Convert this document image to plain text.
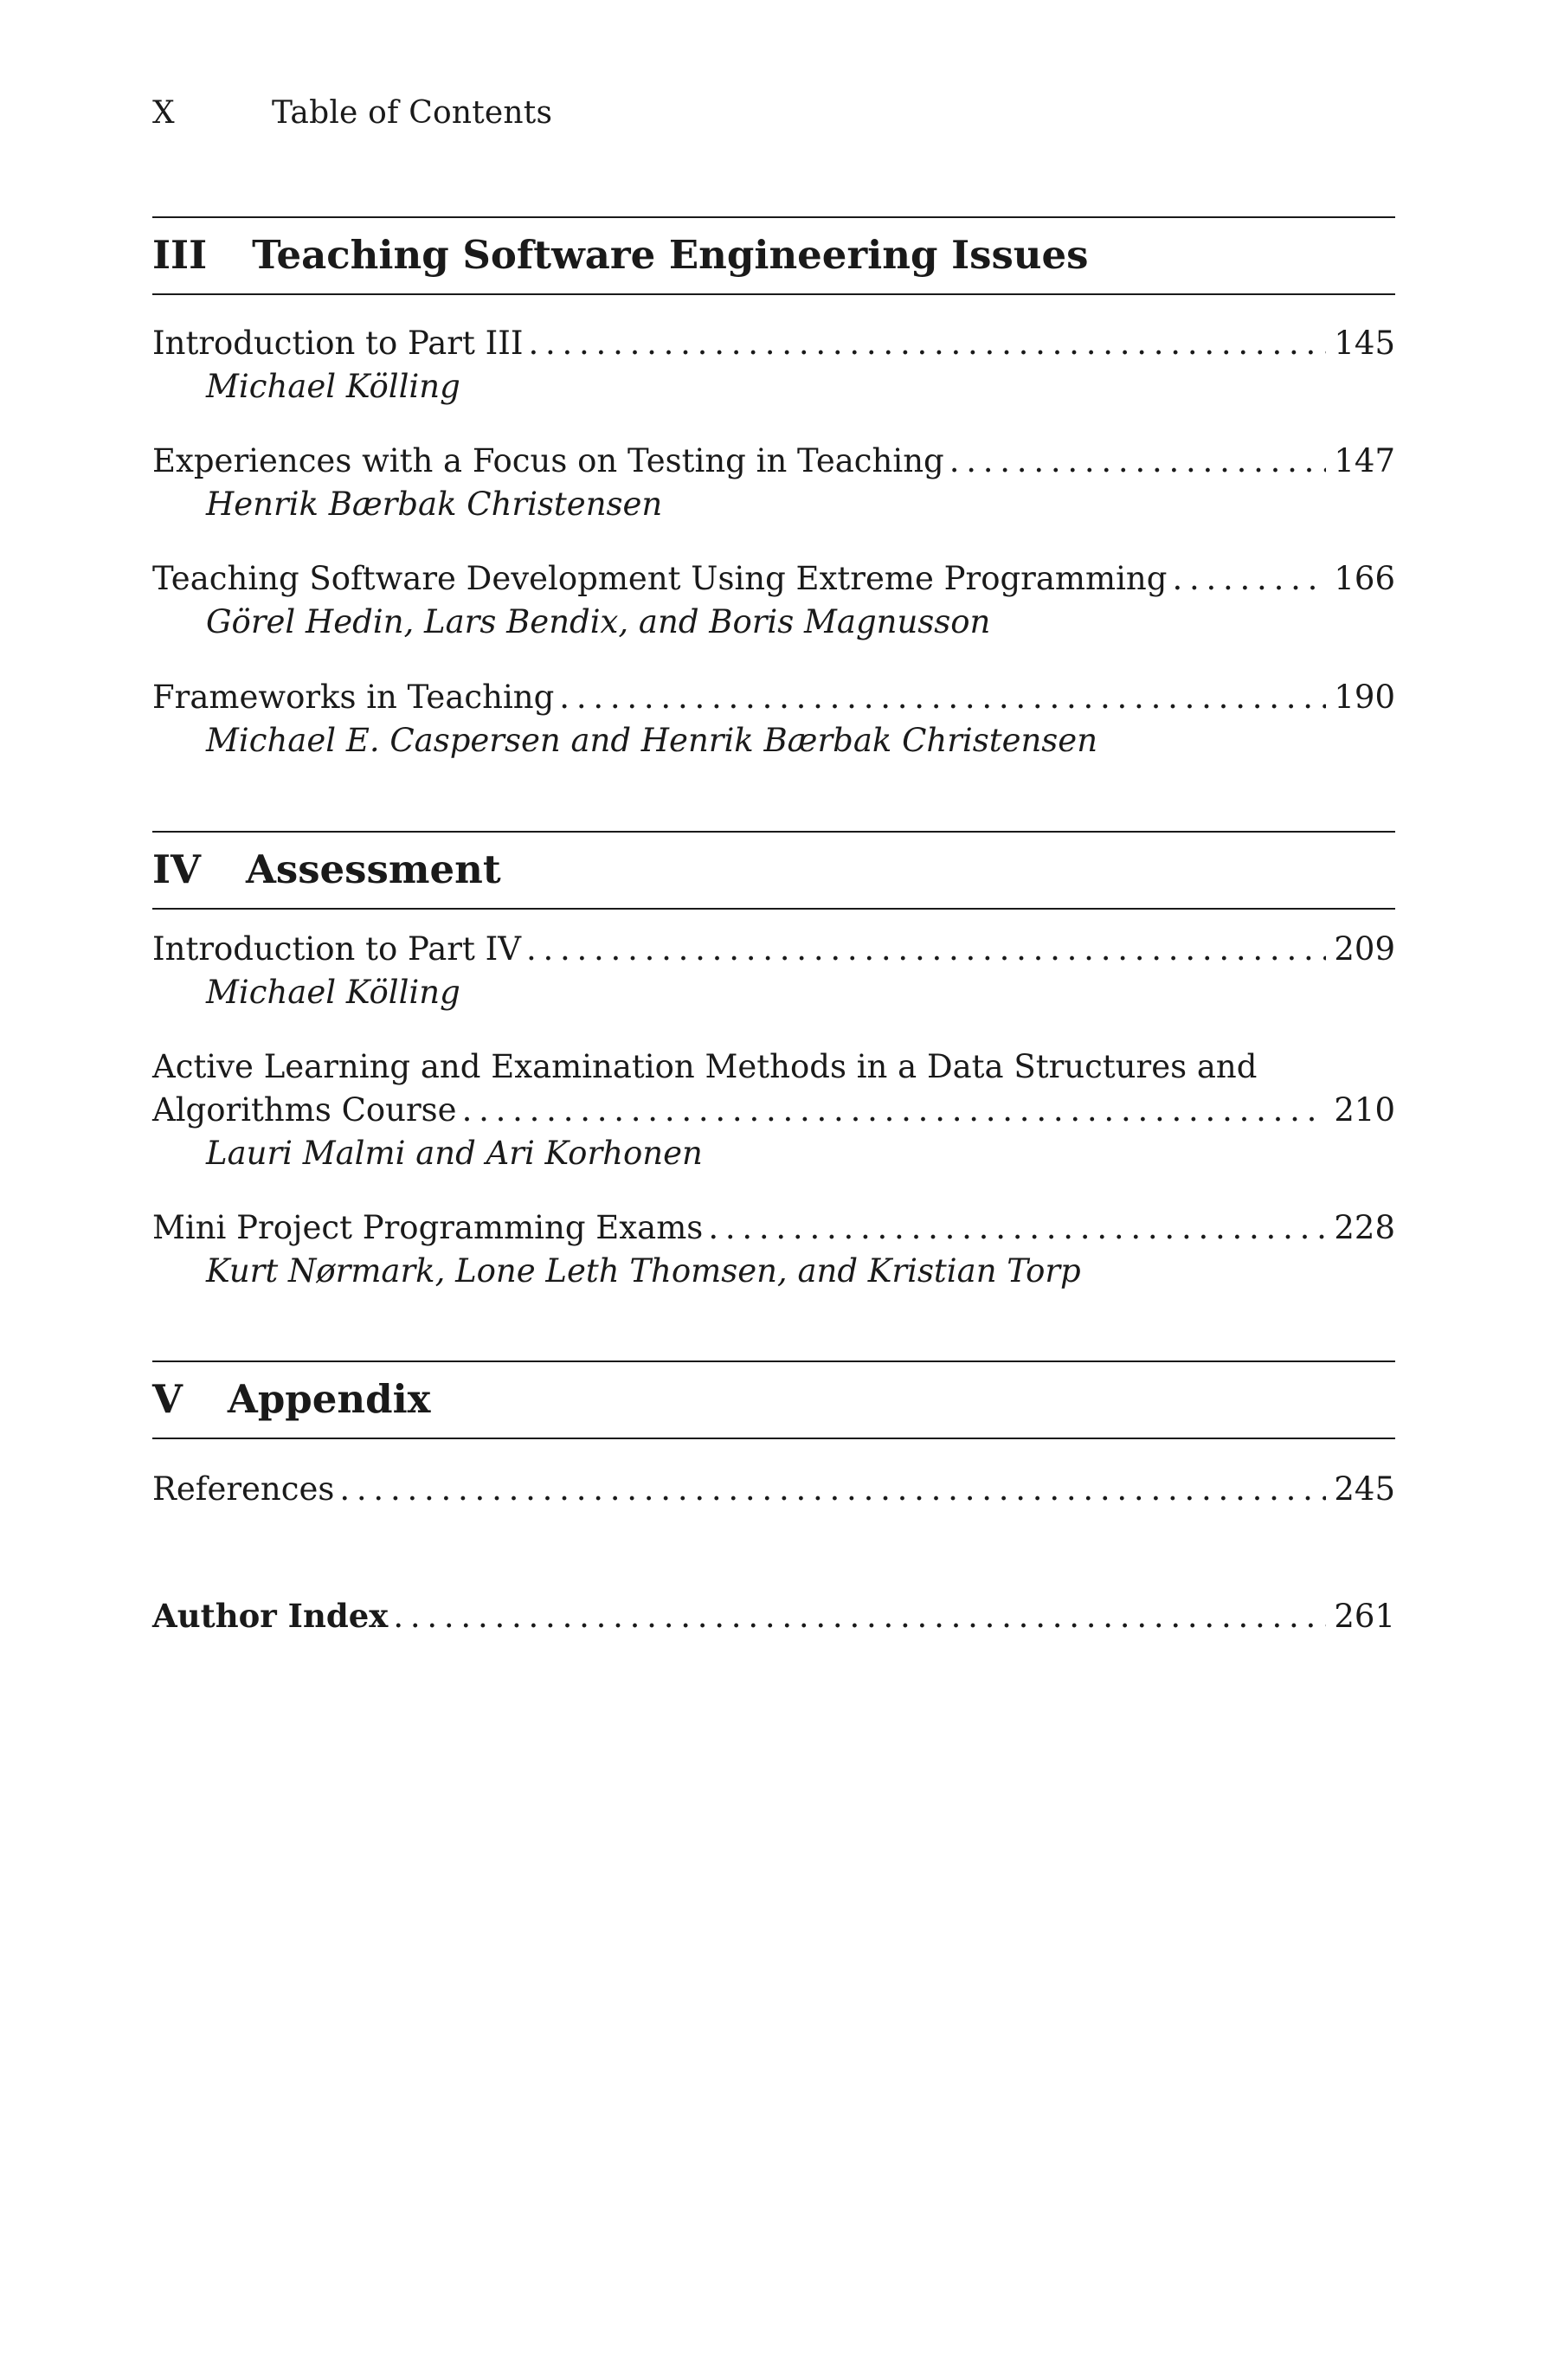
X	Table of Contents
III Teaching Software Engineering Issues
Introduction to Part III . . .	145
Michael Kölling
Experiences with a Focus on Testing in Teaching . . .	147
Henrik Bærbak Christensen
Teaching Software Development Using Extreme Programming . . .	166
Görel Hedin, Lars Bendix, and Boris Magnusson
Frameworks in Teaching . . .	190
Michael E. Caspersen and Henrik Bærbak Christensen
IV Assessment
Introduction to Part IV . . .	209
Michael Kölling
Active Learning and Examination Methods in a Data Structures and
Algorithms Course . . .	210
Lauri Malmi and Ari Korhonen
Mini Project Programming Exams . . .	228
Kurt Nørmark, Lone Leth Thomsen, and Kristian Torp
V Appendix
References . . .	245
Author Index . . .	261
